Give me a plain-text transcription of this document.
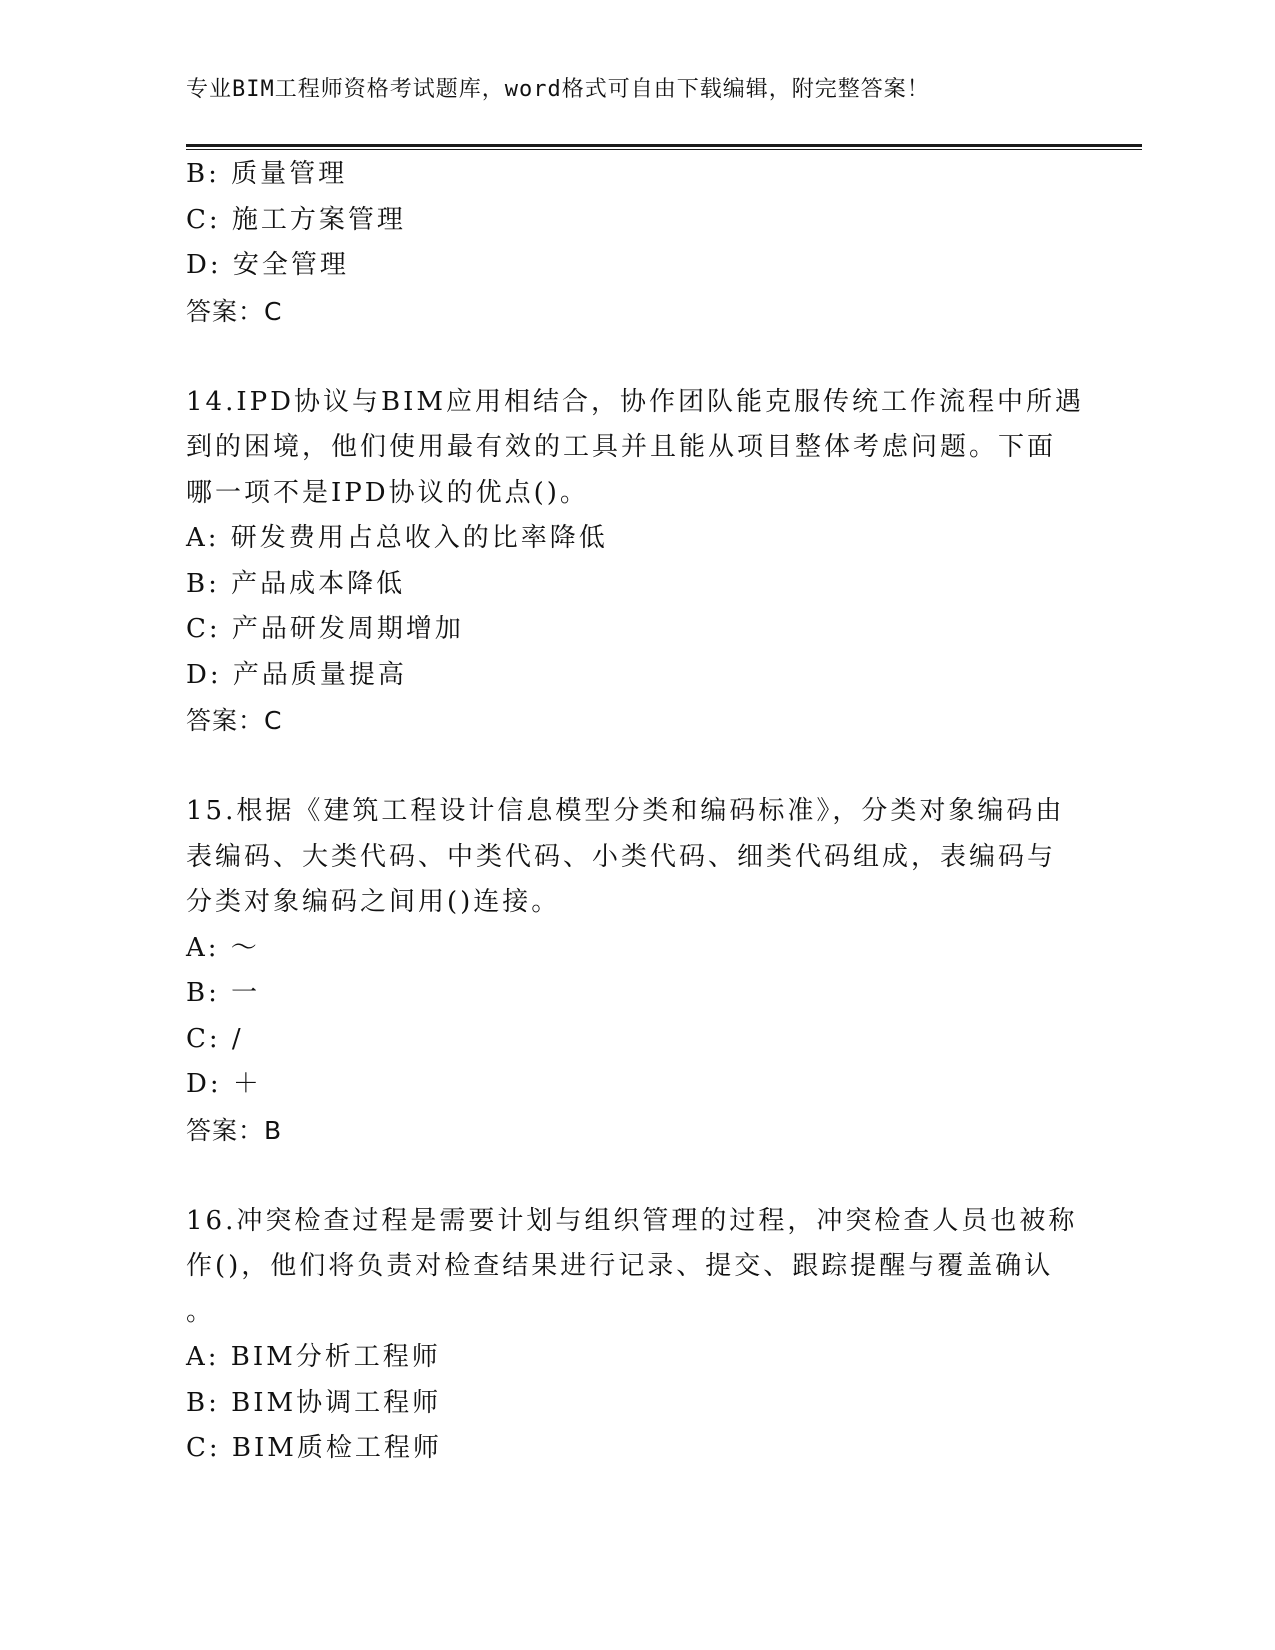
专业BIM工程师资格考试题库，word格式可自由下载编辑，附完整答案！
B: 质量管理
C: 施工方案管理
D: 安全管理
答案：C
14.IPD协议与BIM应用相结合，协作团队能克服传统工作流程中所遇
到的困境，他们使用最有效的工具并且能从项目整体考虑问题。下面
哪一项不是IPD协议的优点()。
A: 研发费用占总收入的比率降低
B: 产品成本降低
C: 产品研发周期增加
D: 产品质量提高
答案：C
15.根据《建筑工程设计信息模型分类和编码标准》，分类对象编码由
表编码、大类代码、中类代码、小类代码、细类代码组成，表编码与
分类对象编码之间用()连接。
A: ～
B: 一
C: /
D: ＋
答案：B
16.冲突检查过程是需要计划与组织管理的过程，冲突检查人员也被称
作()，他们将负责对检查结果进行记录、提交、跟踪提醒与覆盖确认
。
A: BIM分析工程师
B: BIM协调工程师
C: BIM质检工程师
